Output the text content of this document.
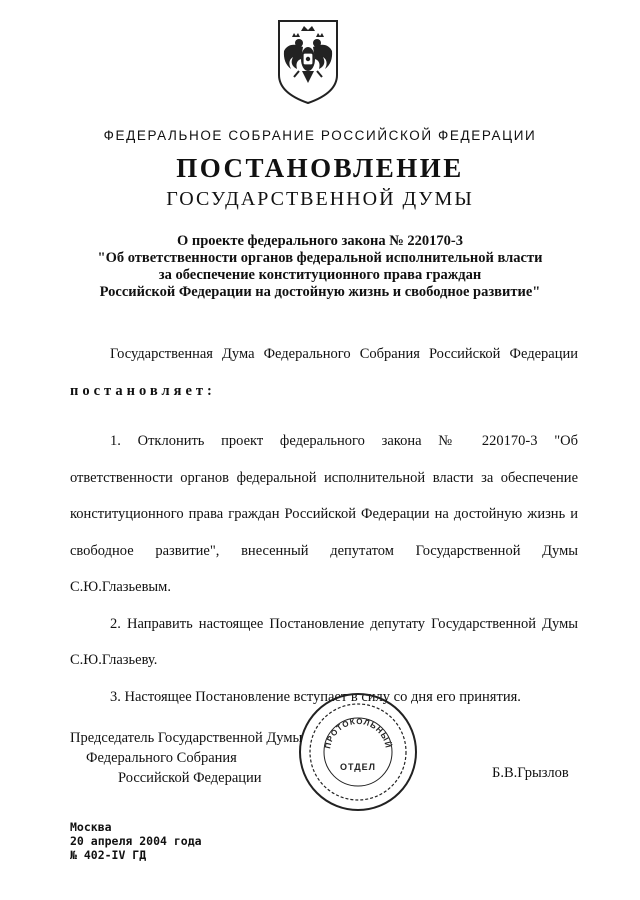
ФЕДЕРАЛЬНОЕ СОБРАНИЕ РОССИЙСКОЙ ФЕДЕРАЦИИ
ПОСТАНОВЛЕНИЕ
ГОСУДАРСТВЕННОЙ ДУМЫ
О проекте федерального закона № 220170-3
"Об ответственности органов федеральной исполнительной власти
за обеспечение конституционного права граждан
Российской Федерации на достойную жизнь и свободное развитие"
Государственная Дума Федерального Собрания Российской Федерации постановляет:
1. Отклонить проект федерального закона № 220170-3 "Об ответственности органов федеральной исполнительной власти за обеспечение конституционного права граждан Российской Федерации на достойную жизнь и свободное развитие", внесенный депутатом Государственной Думы С.Ю.Глазьевым.
2. Направить настоящее Постановление депутату Государственной Думы С.Ю.Глазьеву.
3. Настоящее Постановление вступает в силу со дня его принятия.
ПРОТОКОЛЬНЫЙ
ОТДЕЛ
Председатель Государственной Думы
Федерального Собрания
Российской Федерации	Б.В.Грызлов
Москва
20 апреля 2004 года
№ 402-IV ГД
